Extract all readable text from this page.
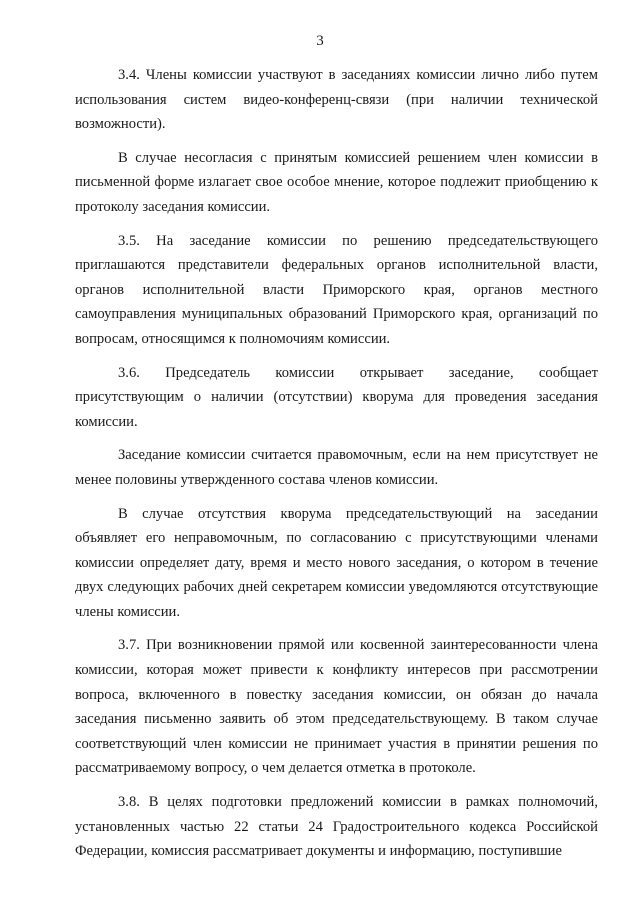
3

3.4. Члены комиссии участвуют в заседаниях комиссии лично либо путем использования систем видео-конференц-связи (при наличии технической возможности).

В случае несогласия с принятым комиссией решением член комиссии в письменной форме излагает свое особое мнение, которое подлежит приобщению к протоколу заседания комиссии.

3.5. На заседание комиссии по решению председательствующего приглашаются представители федеральных органов исполнительной власти, органов исполнительной власти Приморского края, органов местного самоуправления муниципальных образований Приморского края, организаций по вопросам, относящимся к полномочиям комиссии.

3.6. Председатель комиссии открывает заседание, сообщает присутствующим о наличии (отсутствии) кворума для проведения заседания комиссии.

Заседание комиссии считается правомочным, если на нем присутствует не менее половины утвержденного состава членов комиссии.

В случае отсутствия кворума председательствующий на заседании объявляет его неправомочным, по согласованию с присутствующими членами комиссии определяет дату, время и место нового заседания, о котором в течение двух следующих рабочих дней секретарем комиссии уведомляются отсутствующие члены комиссии.

3.7. При возникновении прямой или косвенной заинтересованности члена комиссии, которая может привести к конфликту интересов при рассмотрении вопроса, включенного в повестку заседания комиссии, он обязан до начала заседания письменно заявить об этом председательствующему. В таком случае соответствующий член комиссии не принимает участия в принятии решения по рассматриваемому вопросу, о чем делается отметка в протоколе.

3.8. В целях подготовки предложений комиссии в рамках полномочий, установленных частью 22 статьи 24 Градостроительного кодекса Российской Федерации, комиссия рассматривает документы и информацию, поступившие
